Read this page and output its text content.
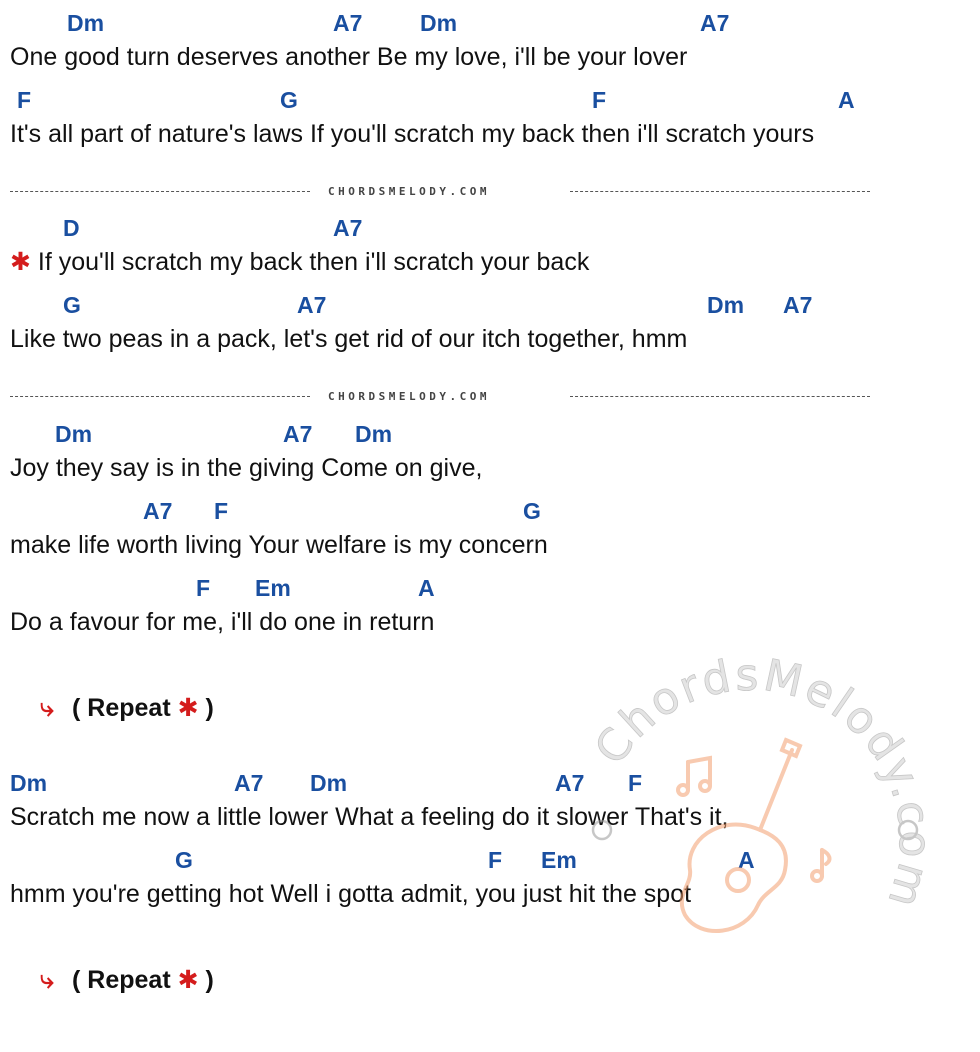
Dm	A7	Dm	A7
One good turn deserves another Be my love, i'll be your lover
F	G	F	A
It's all part of nature's laws If you'll scratch my back then i'll scratch yours
CHORDSMELODY.COM
D	A7
✱ If you'll scratch my back then i'll scratch your back
G	A7	Dm A7
Like two peas in a pack, let's get rid of our itch together, hmm
CHORDSMELODY.COM
Dm	A7 Dm
Joy they say is in the giving Come on give,
A7 F	G
make life worth living Your welfare is my concern
F Em	A
Do a favour for me, i'll do one in return
⤷ ( Repeat ✱ )
Dm	A7 Dm	A7 F
Scratch me now a little lower What a feeling do it slower That's it,
G	F Em	A
hmm you're getting hot Well i gotta admit, you just hit the spot
⤷ ( Repeat ✱ )
ChordsMelody.com
